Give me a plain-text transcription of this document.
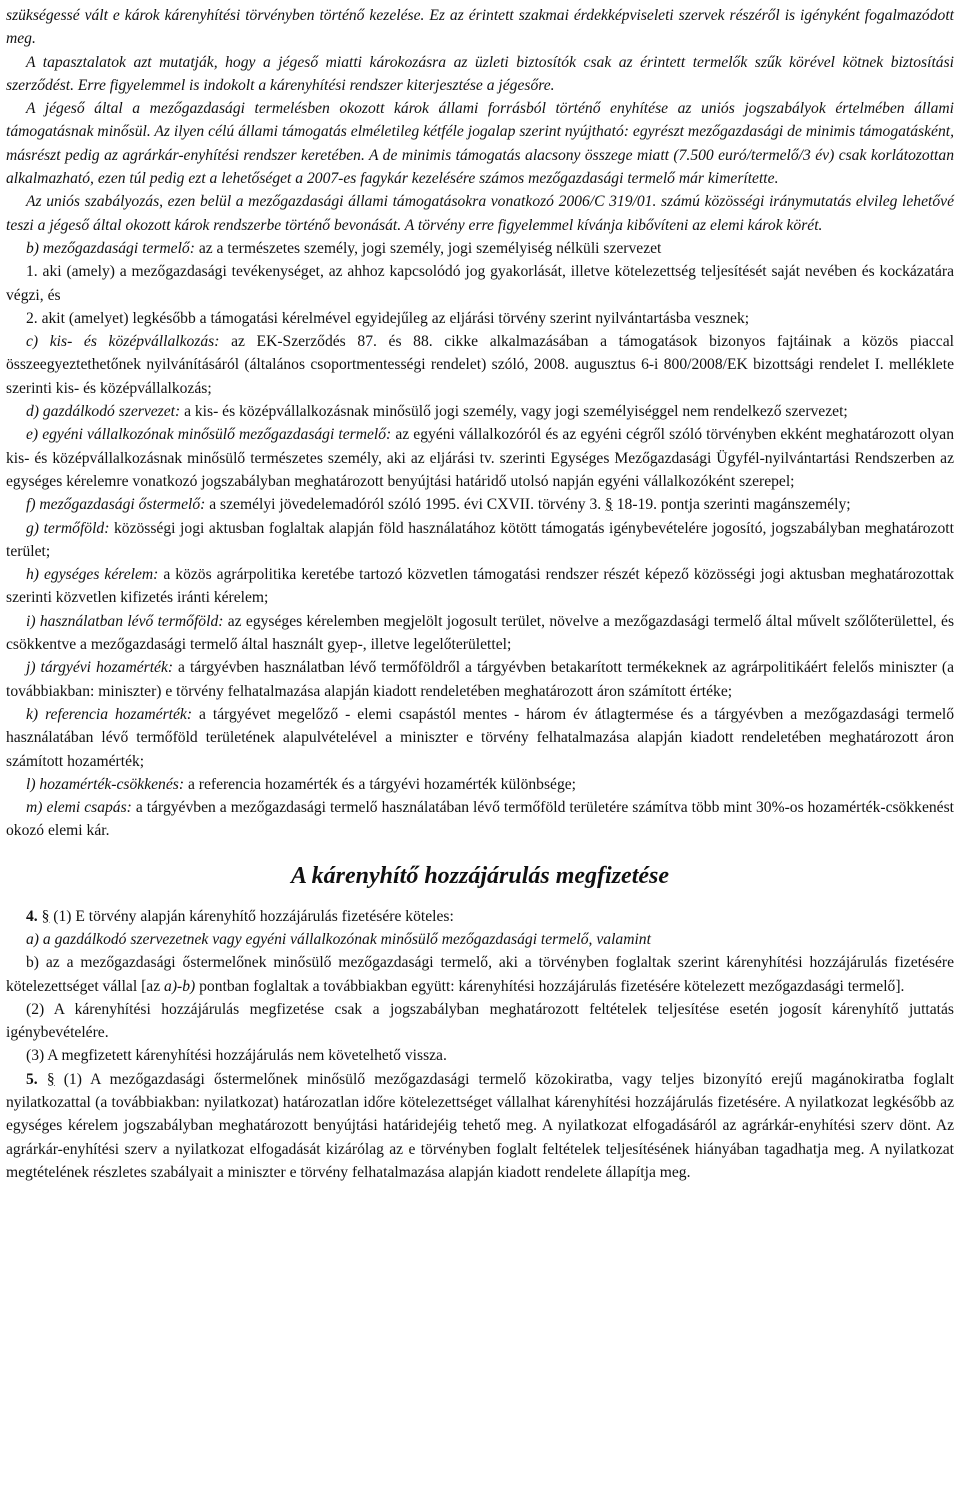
szükségessé vált e károk kárenyhítési törvényben történő kezelése. Ez az érintett szakmai érdekképviseleti szervek részéről is igényként fogalmazódott meg.

A tapasztalatok azt mutatják, hogy a jégeső miatti károkozásra az üzleti biztosítók csak az érintett termelők szűk körével kötnek biztosítási szerződést. Erre figyelemmel is indokolt a kárenyhítési rendszer kiterjesztése a jégesőre.

A jégeső által a mezőgazdasági termelésben okozott károk állami forrásból történő enyhítése az uniós jogszabályok értelmében állami támogatásnak minősül. Az ilyen célú állami támogatás elméletileg kétféle jogalap szerint nyújtható: egyrészt mezőgazdasági de minimis támogatásként, másrészt pedig az agrárkár-enyhítési rendszer keretében. A de minimis támogatás alacsony összege miatt (7.500 euró/termelő/3 év) csak korlátozottan alkalmazható, ezen túl pedig ezt a lehetőséget a 2007-es fagykár kezelésére számos mezőgazdasági termelő már kimerítette.

Az uniós szabályozás, ezen belül a mezőgazdasági állami támogatásokra vonatkozó 2006/C 319/01. számú közösségi iránymutatás elvileg lehetővé teszi a jégeső által okozott károk rendszerbe történő bevonását. A törvény erre figyelemmel kívánja kibővíteni az elemi károk körét.

b) mezőgazdasági termelő: az a természetes személy, jogi személy, jogi személyiség nélküli szervezet

1. aki (amely) a mezőgazdasági tevékenységet, az ahhoz kapcsolódó jog gyakorlását, illetve kötelezettség teljesítését saját nevében és kockázatára végzi, és

2. akit (amelyet) legkésőbb a támogatási kérelmével egyidejűleg az eljárási törvény szerint nyilvántartásba vesznek;

c) kis- és középvállalkozás: az EK-Szerződés 87. és 88. cikke alkalmazásában a támogatások bizonyos fajtáinak a közös piaccal összeegyeztethetőnek nyilvánításáról (általános csoportmentességi rendelet) szóló, 2008. augusztus 6-i 800/2008/EK bizottsági rendelet I. melléklete szerinti kis- és középvállalkozás;

d) gazdálkodó szervezet: a kis- és középvállalkozásnak minősülő jogi személy, vagy jogi személyiséggel nem rendelkező szervezet;

e) egyéni vállalkozónak minősülő mezőgazdasági termelő: az egyéni vállalkozóról és az egyéni cégről szóló törvényben ekként meghatározott olyan kis- és középvállalkozásnak minősülő természetes személy, aki az eljárási tv. szerinti Egységes Mezőgazdasági Ügyfél-nyilvántartási Rendszerben az egységes kérelemre vonatkozó jogszabályban meghatározott benyújtási határidő utolsó napján egyéni vállalkozóként szerepel;

f) mezőgazdasági őstermelő: a személyi jövedelemadóról szóló 1995. évi CXVII. törvény 3. § 18-19. pontja szerinti magánszemély;

g) termőföld: közösségi jogi aktusban foglaltak alapján föld használatához kötött támogatás igénybevételére jogosító, jogszabályban meghatározott terület;

h) egységes kérelem: a közös agrárpolitika keretébe tartozó közvetlen támogatási rendszer részét képező közösségi jogi aktusban meghatározottak szerinti közvetlen kifizetés iránti kérelem;

i) használatban lévő termőföld: az egységes kérelemben megjelölt jogosult terület, növelve a mezőgazdasági termelő által művelt szőlőterülettel, és csökkentve a mezőgazdasági termelő által használt gyep-, illetve legelőterülettel;

j) tárgyévi hozamérték: a tárgyévben használatban lévő termőföldről a tárgyévben betakarított termékeknek az agrárpolitikáért felelős miniszter (a továbbiakban: miniszter) e törvény felhatalmazása alapján kiadott rendeletében meghatározott áron számított értéke;

k) referencia hozamérték: a tárgyévet megelőző - elemi csapástól mentes - három év átlagtermése és a tárgyévben a mezőgazdasági termelő használatában lévő termőföld területének alapulvételével a miniszter e törvény felhatalmazása alapján kiadott rendeletében meghatározott áron számított hozamérték;

l) hozamérték-csökkenés: a referencia hozamérték és a tárgyévi hozamérték különbsége;

m) elemi csapás: a tárgyévben a mezőgazdasági termelő használatában lévő termőföld területére számítva több mint 30%-os hozamérték-csökkenést okozó elemi kár.

A kárenyhítő hozzájárulás megfizetése

4. § (1) E törvény alapján kárenyhítő hozzájárulás fizetésére köteles:

a) a gazdálkodó szervezetnek vagy egyéni vállalkozónak minősülő mezőgazdasági termelő, valamint

b) az a mezőgazdasági őstermelőnek minősülő mezőgazdasági termelő, aki a törvényben foglaltak szerint kárenyhítési hozzájárulás fizetésére kötelezettséget vállal [az a)-b) pontban foglaltak a továbbiakban együtt: kárenyhítési hozzájárulás fizetésére kötelezett mezőgazdasági termelő].

(2) A kárenyhítési hozzájárulás megfizetése csak a jogszabályban meghatározott feltételek teljesítése esetén jogosít kárenyhítő juttatás igénybevételére.

(3) A megfizetett kárenyhítési hozzájárulás nem követelhető vissza.

5. § (1) A mezőgazdasági őstermelőnek minősülő mezőgazdasági termelő közokiratba, vagy teljes bizonyító erejű magánokiratba foglalt nyilatkozattal (a továbbiakban: nyilatkozat) határozatlan időre kötelezettséget vállalhat kárenyhítési hozzájárulás fizetésére. A nyilatkozat legkésőbb az egységes kérelem jogszabályban meghatározott benyújtási határidejéig tehető meg. A nyilatkozat elfogadásáról az agrárkár-enyhítési szerv dönt. Az agrárkár-enyhítési szerv a nyilatkozat elfogadását kizárólag az e törvényben foglalt feltételek teljesítésének hiányában tagadhatja meg. A nyilatkozat megtételének részletes szabályait a miniszter e törvény felhatalmazása alapján kiadott rendelete állapítja meg.
